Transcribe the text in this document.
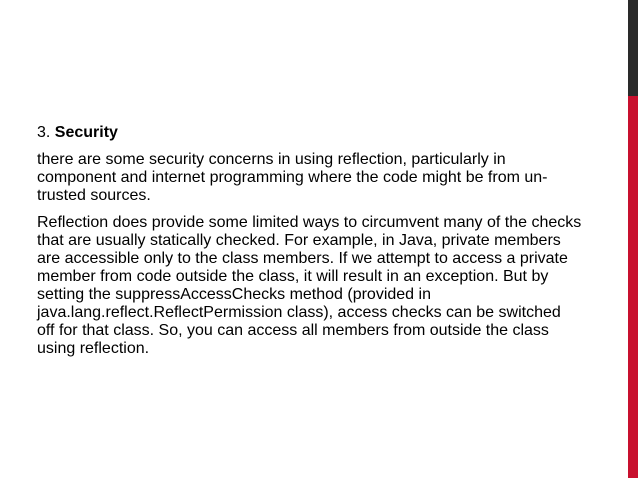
3. Security
there are some security concerns in using reflection, particularly in component and internet programming where the code might be from un-trusted sources.
Reflection does provide some limited ways to circumvent many of the checks that are usually statically checked. For example, in Java, private members are accessible only to the class members. If we attempt to access a private member from code outside the class, it will result in an exception. But by setting the suppressAccessChecks method (provided in java.lang.reflect.ReflectPermission class), access checks can be switched off for that class. So, you can access all members from outside the class using reflection.
